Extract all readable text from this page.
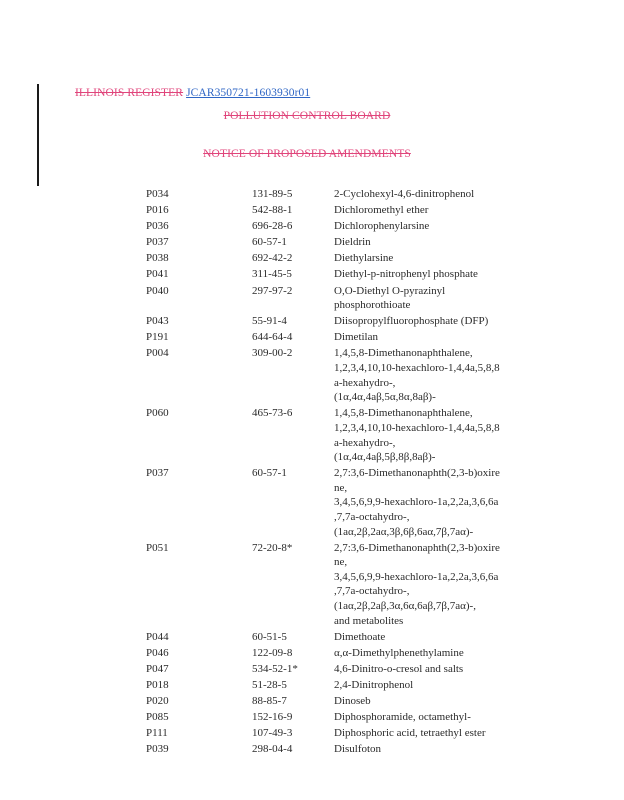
ILLINOIS REGISTER JCAR350721-1603930r01
POLLUTION CONTROL BOARD
NOTICE OF PROPOSED AMENDMENTS
P034	131-89-5	2-Cyclohexyl-4,6-dinitrophenol
P016	542-88-1	Dichloromethyl ether
P036	696-28-6	Dichlorophenylarsine
P037	60-57-1	Dieldrin
P038	692-42-2	Diethylarsine
P041	311-45-5	Diethyl-p-nitrophenyl phosphate
P040	297-97-2	O,O-Diethyl O-pyrazinyl
phosphorothioate
P043	55-91-4	Diisopropylfluorophosphate (DFP)
P191	644-64-4	Dimetilan
P004	309-00-2	1,4,5,8-Dimethanonaphthalene,
1,2,3,4,10,10-hexachloro-1,4,4a,5,8,8
a-hexahydro-,
(1α,4α,4aβ,5α,8α,8aβ)-
P060	465-73-6	1,4,5,8-Dimethanonaphthalene,
1,2,3,4,10,10-hexachloro-1,4,4a,5,8,8
a-hexahydro-,
(1α,4α,4aβ,5β,8β,8aβ)-
P037	60-57-1	2,7:3,6-Dimethanonaphth(2,3-b)oxire
ne,
3,4,5,6,9,9-hexachloro-1a,2,2a,3,6,6a
,7,7a-octahydro-,
(1aα,2β,2aα,3β,6β,6aα,7β,7aα)-
P051	72-20-8*	2,7:3,6-Dimethanonaphth(2,3-b)oxire
ne,
3,4,5,6,9,9-hexachloro-1a,2,2a,3,6,6a
,7,7a-octahydro-,
(1aα,2β,2aβ,3α,6α,6aβ,7β,7aα)-,
and metabolites
P044	60-51-5	Dimethoate
P046	122-09-8	α,α-Dimethylphenethylamine
P047	534-52-1*	4,6-Dinitro-o-cresol and salts
P018	51-28-5	2,4-Dinitrophenol
P020	88-85-7	Dinoseb
P085	152-16-9	Diphosphoramide, octamethyl-
P111	107-49-3	Diphosphoric acid, tetraethyl ester
P039	298-04-4	Disulfoton
